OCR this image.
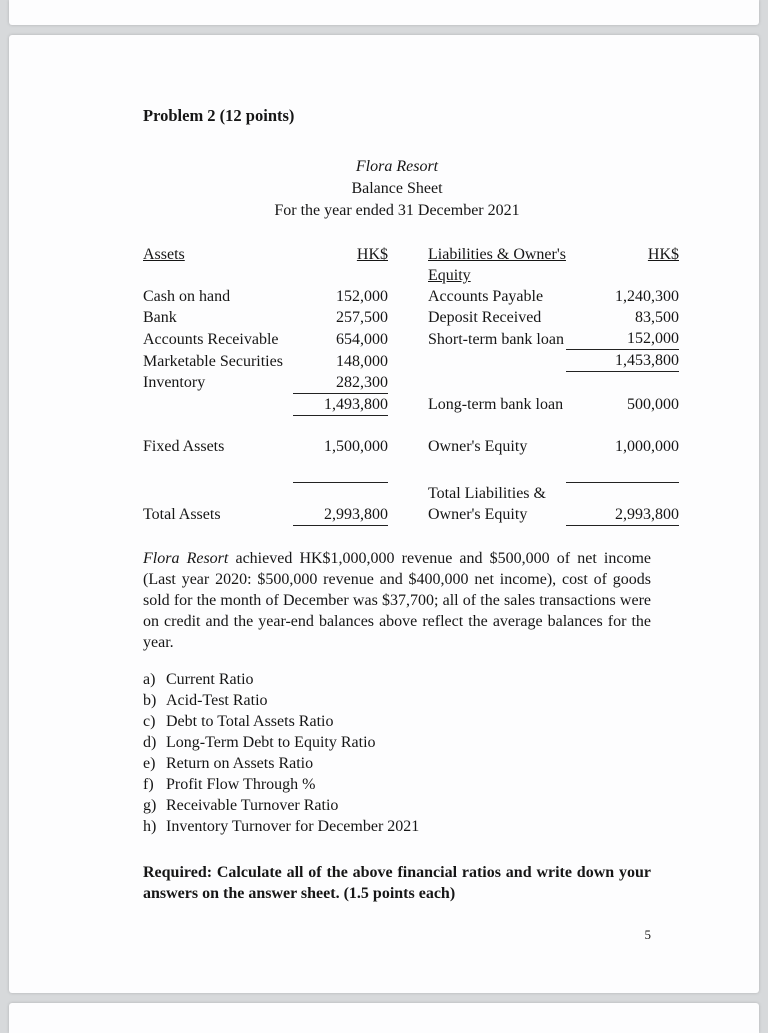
Problem 2 (12 points)
Flora Resort
Balance Sheet
For the year ended 31 December 2021
Assets	HK$		Liabilities & Owner's	HK$
			Equity	
Cash on hand	152,000		Accounts Payable	1,240,300
Bank	257,500		Deposit Received	83,500
Accounts Receivable	654,000		Short-term bank loan	152,000
Marketable Securities	148,000			1,453,800
Inventory	282,300			
	1,493,800		Long-term bank loan	500,000

Fixed Assets	1,500,000		Owner's Equity	1,000,000

			Total Liabilities &	
Total Assets	2,993,800		Owner's Equity	2,993,800

Flora Resort achieved HK$1,000,000 revenue and $500,000 of net income (Last year 2020: $500,000 revenue and $400,000 net income), cost of goods sold for the month of December was $37,700; all of the sales transactions were on credit and the year-end balances above reflect the average balances for the year.

a) Current Ratio
b) Acid-Test Ratio
c) Debt to Total Assets Ratio
d) Long-Term Debt to Equity Ratio
e) Return on Assets Ratio
f) Profit Flow Through %
g) Receivable Turnover Ratio
h) Inventory Turnover for December 2021

Required: Calculate all of the above financial ratios and write down your answers on the answer sheet. (1.5 points each)

5
